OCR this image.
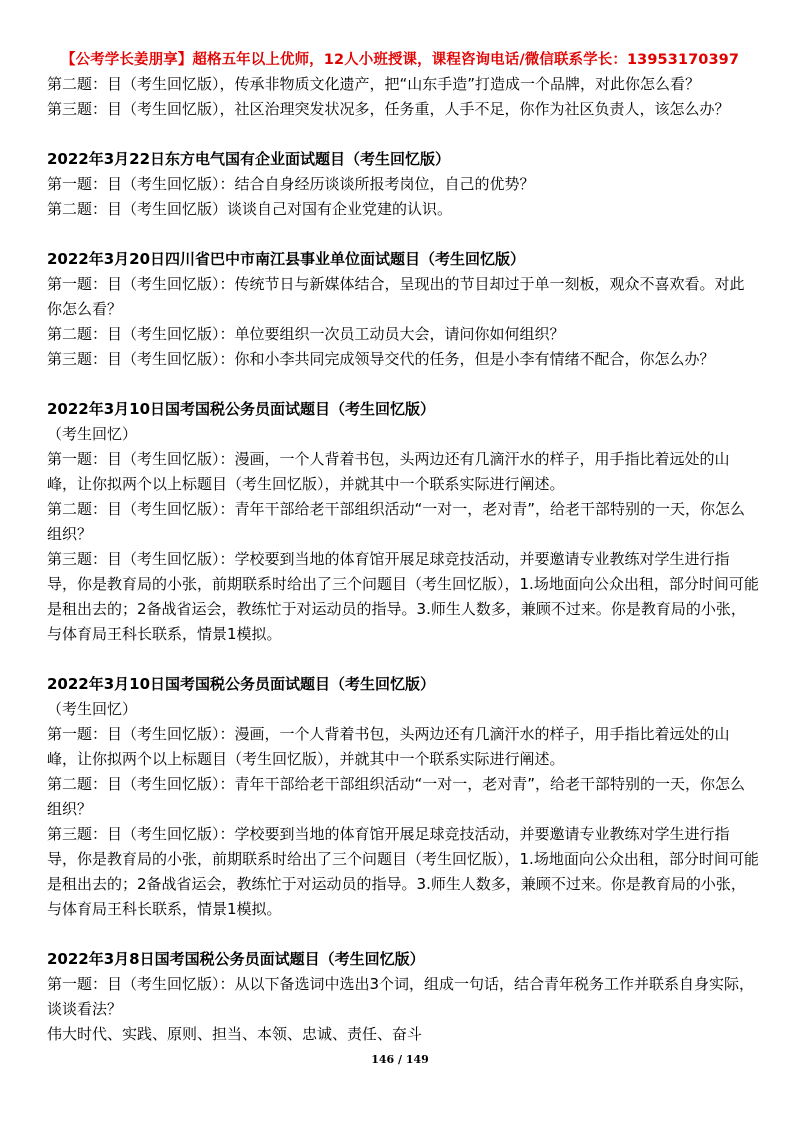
【公考学长姜朋享】超格五年以上优师，12人小班授课，课程咨询电话/微信联系学长：13953170397

第二题：目（考生回忆版），传承非物质文化遗产，把“山东手造”打造成一个品牌，对此你怎么看？

第三题：目（考生回忆版），社区治理突发状况多，任务重，人手不足，你作为社区负责人，该怎么办？

2022年3月22日东方电气国有企业面试题目（考生回忆版）

第一题：目（考生回忆版）：结合自身经历谈谈所报考岗位，自己的优势？

第二题：目（考生回忆版）谈谈自己对国有企业党建的认识。

2022年3月20日四川省巴中市南江县事业单位面试题目（考生回忆版）

第一题：目（考生回忆版）：传统节日与新媒体结合，呈现出的节目却过于单一刻板，观众不喜欢看。对此你怎么看？

第二题：目（考生回忆版）：单位要组织一次员工动员大会，请问你如何组织？

第三题：目（考生回忆版）：你和小李共同完成领导交代的任务，但是小李有情绪不配合，你怎么办？

2022年3月10日国考国税公务员面试题目（考生回忆版）

（考生回忆）

第一题：目（考生回忆版）：漫画，一个人背着书包，头两边还有几滴汗水的样子，用手指比着远处的山峰，让你拟两个以上标题目（考生回忆版），并就其中一个联系实际进行阐述。

第二题：目（考生回忆版）：青年干部给老干部组织活动“一对一，老对青”，给老干部特别的一天，你怎么组织？

第三题：目（考生回忆版）：学校要到当地的体育馆开展足球竞技活动，并要邀请专业教练对学生进行指导，你是教育局的小张，前期联系时给出了三个问题目（考生回忆版），1.场地面向公众出租，部分时间可能是租出去的；2备战省运会，教练忙于对运动员的指导。3.师生人数多，兼顾不过来。你是教育局的小张，与体育局王科长联系，情景1模拟。

2022年3月10日国考国税公务员面试题目（考生回忆版）

（考生回忆）

第一题：目（考生回忆版）：漫画，一个人背着书包，头两边还有几滴汗水的样子，用手指比着远处的山峰，让你拟两个以上标题目（考生回忆版），并就其中一个联系实际进行阐述。

第二题：目（考生回忆版）：青年干部给老干部组织活动“一对一，老对青”，给老干部特别的一天，你怎么组织？

第三题：目（考生回忆版）：学校要到当地的体育馆开展足球竞技活动，并要邀请专业教练对学生进行指导，你是教育局的小张，前期联系时给出了三个问题目（考生回忆版），1.场地面向公众出租，部分时间可能是租出去的；2备战省运会，教练忙于对运动员的指导。3.师生人数多，兼顾不过来。你是教育局的小张，与体育局王科长联系，情景1模拟。

2022年3月8日国考国税公务员面试题目（考生回忆版）

第一题：目（考生回忆版）：从以下备选词中选出3个词，组成一句话，结合青年税务工作并联系自身实际，谈谈看法？

伟大时代、实践、原则、担当、本领、忠诚、责任、奋斗

146 / 149
